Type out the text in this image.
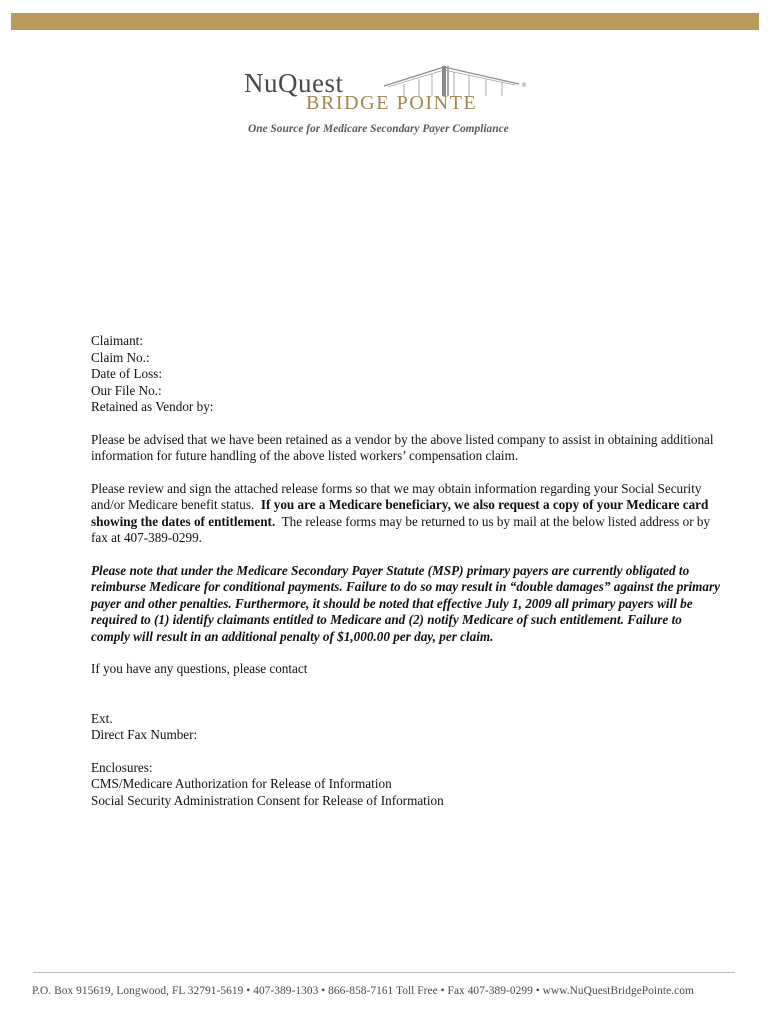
NuQuest
BRIDGE POINTE
®
One Source for Medicare Secondary Payer Compliance

Claimant:

Claim No.:

Date of Loss:

Our File No.:

Retained as Vendor by:

Please be advised that we have been retained as a vendor by the above listed company to assist in obtaining additional information for future handling of the above listed workers’ compensation claim.

Please review and sign the attached release forms so that we may obtain information regarding your Social Security and/or Medicare benefit status. If you are a Medicare beneficiary, we also request a copy of your Medicare card showing the dates of entitlement. The release forms may be returned to us by mail at the below listed address or by fax at 407-389-0299.

Please note that under the Medicare Secondary Payer Statute (MSP) primary payers are currently obligated to reimburse Medicare for conditional payments. Failure to do so may result in “double damages” against the primary payer and other penalties. Furthermore, it should be noted that effective July 1, 2009 all primary payers will be required to (1) identify claimants entitled to Medicare and (2) notify Medicare of such entitlement. Failure to comply will result in an additional penalty of $1,000.00 per day, per claim.

If you have any questions, please contact

Ext.

Direct Fax Number:

Enclosures:

CMS/Medicare Authorization for Release of Information

Social Security Administration Consent for Release of Information

P.O. Box 915619, Longwood, FL 32791-5619 • 407-389-1303 • 866-858-7161 Toll Free • Fax 407-389-0299 • www.NuQuestBridgePointe.com
